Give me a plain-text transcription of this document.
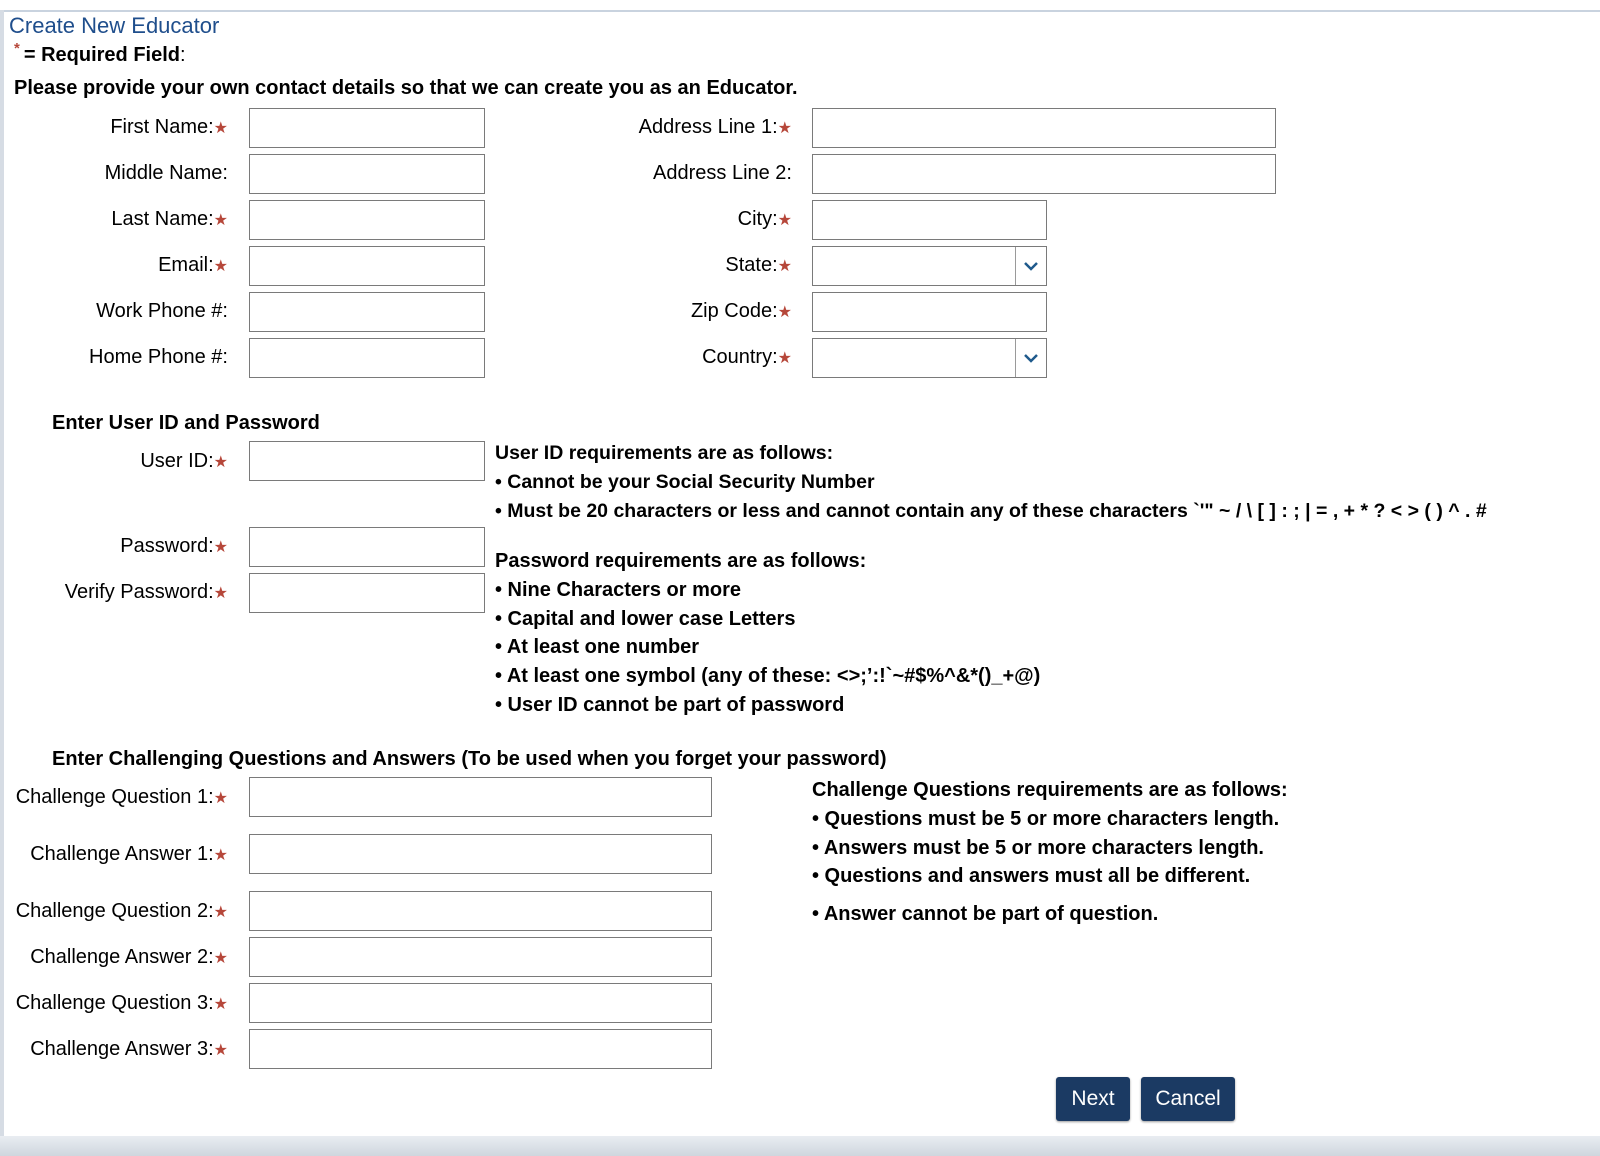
Create New Educator
* = Required Field:
Please provide your own contact details so that we can create you as an Educator.
First Name:★
Middle Name:
Last Name:★
Email:★
Work Phone #:
Home Phone #:
Address Line 1:★
Address Line 2:
City:★
State:★
Zip Code:★
Country:★
Enter User ID and Password
User ID:★
Password:★
Verify Password:★
User ID requirements are as follows:
• Cannot be your Social Security Number
• Must be 20 characters or less and cannot contain any of these characters `'" ~ / \ [ ] : ; | = , + * ? < > ( ) ^ . #
Password requirements are as follows:
• Nine Characters or more
• Capital and lower case Letters
• At least one number
• At least one symbol (any of these: <>;’:!`~#$%^&*()_+@)
• User ID cannot be part of password
Enter Challenging Questions and Answers (To be used when you forget your password)
Challenge Question 1:★
Challenge Answer 1:★
Challenge Question 2:★
Challenge Answer 2:★
Challenge Question 3:★
Challenge Answer 3:★
Challenge Questions requirements are as follows:
• Questions must be 5 or more characters length.
• Answers must be 5 or more characters length.
• Questions and answers must all be different.
• Answer cannot be part of question.
Next	Cancel
